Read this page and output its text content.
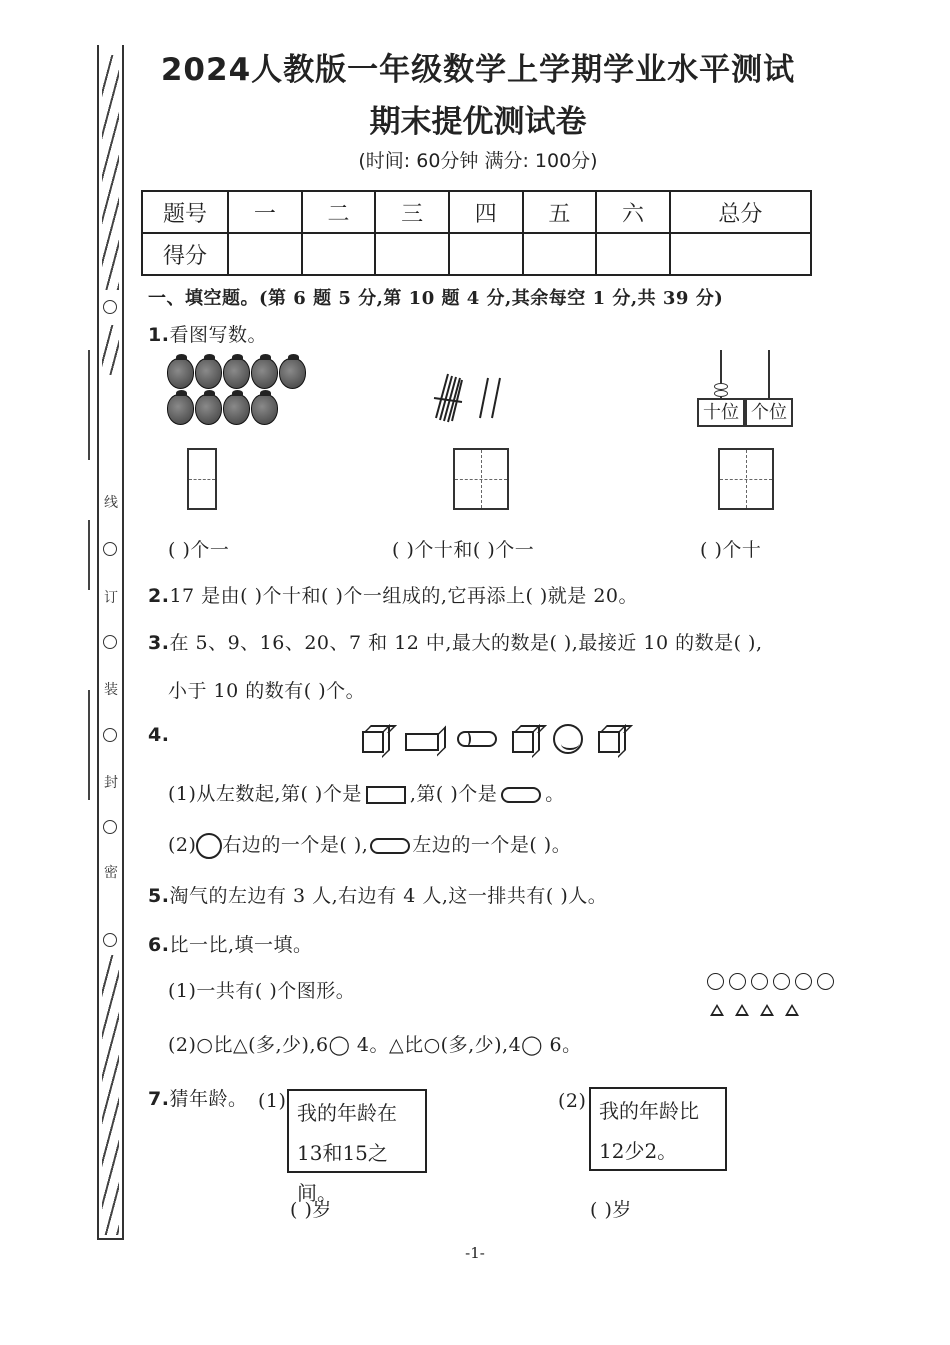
线
订
装
封
密
2024人教版一年级数学上学期学业水平测试
期末提优测试卷
(时间: 60分钟 满分: 100分)
题号	一	二	三	四	五	六	总分
得分							
一、填空题。(第 6 题 5 分,第 10 题 4 分,其余每空 1 分,共 39 分)
1.看图写数。
十位 个位
( )个一	( )个十和( )个一	( )个十
2.17 是由( )个十和( )个一组成的,它再添上( )就是 20。
3.在 5、9、16、20、7 和 12 中,最大的数是( ),最接近 10 的数是( ),
小于 10 的数有( )个。
4.
(1)从左数起,第( )个是	,第( )个是	。
(2) 右边的一个是( ), 左边的一个是( )。
5.淘气的左边有 3 人,右边有 4 人,这一排共有( )人。
6.比一比,填一填。
(1)一共有( )个图形。
(2)○比△(多,少),6◯ 4。△比○(多,少),4◯ 6。
7.猜年龄。 (1) 我的年龄在
13和15之间。
( )岁
(2) 我的年龄比
12少2。
( )岁
-1-
